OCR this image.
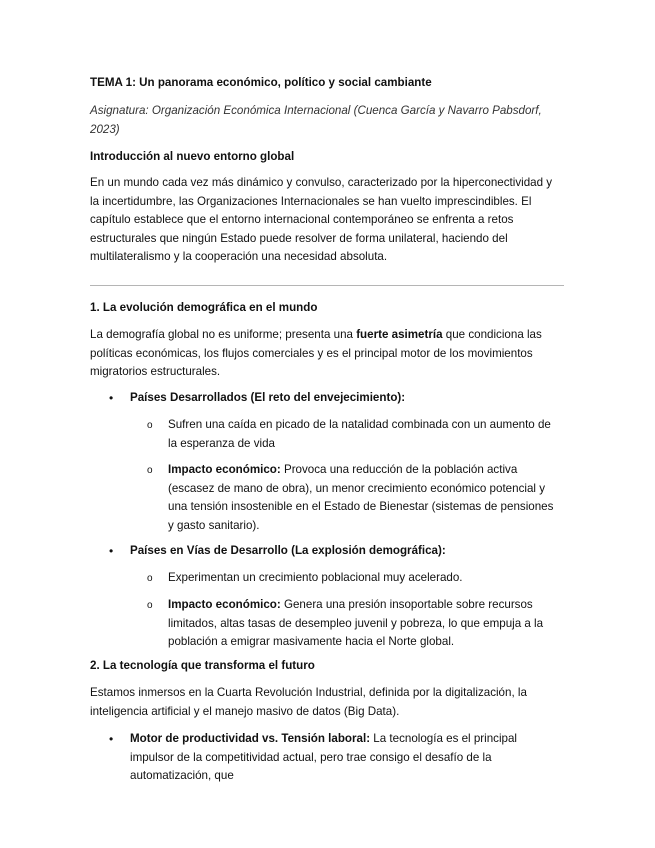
TEMA 1: Un panorama económico, político y social cambiante

Asignatura: Organización Económica Internacional (Cuenca García y Navarro Pabsdorf, 2023)

Introducción al nuevo entorno global

En un mundo cada vez más dinámico y convulso, caracterizado por la hiperconectividad y la incertidumbre, las Organizaciones Internacionales se han vuelto imprescindibles. El capítulo establece que el entorno internacional contemporáneo se enfrenta a retos estructurales que ningún Estado puede resolver de forma unilateral, haciendo del multilateralismo y la cooperación una necesidad absoluta.

1. La evolución demográfica en el mundo

La demografía global no es uniforme; presenta una fuerte asimetría que condiciona las políticas económicas, los flujos comerciales y es el principal motor de los movimientos migratorios estructurales.

• Países Desarrollados (El reto del envejecimiento):
o Sufren una caída en picado de la natalidad combinada con un aumento de la esperanza de vida
o Impacto económico: Provoca una reducción de la población activa (escasez de mano de obra), un menor crecimiento económico potencial y una tensión insostenible en el Estado de Bienestar (sistemas de pensiones y gasto sanitario).
• Países en Vías de Desarrollo (La explosión demográfica):
o Experimentan un crecimiento poblacional muy acelerado.
o Impacto económico: Genera una presión insoportable sobre recursos limitados, altas tasas de desempleo juvenil y pobreza, lo que empuja a la población a emigrar masivamente hacia el Norte global.

2. La tecnología que transforma el futuro

Estamos inmersos en la Cuarta Revolución Industrial, definida por la digitalización, la inteligencia artificial y el manejo masivo de datos (Big Data).

• Motor de productividad vs. Tensión laboral: La tecnología es el principal impulsor de la competitividad actual, pero trae consigo el desafío de la automatización, que
